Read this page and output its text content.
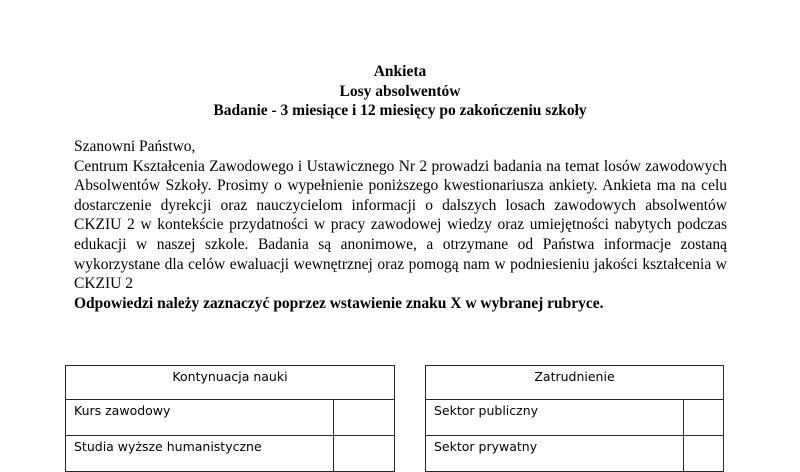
Ankieta
Losy absolwentów
Badanie - 3 miesiące i 12 miesięcy po zakończeniu szkoły

Szanowni Państwo,

Centrum Kształcenia Zawodowego i Ustawicznego Nr 2 prowadzi badania na temat losów zawodowych Absolwentów Szkoły. Prosimy o wypełnienie poniższego kwestionariusza ankiety. Ankieta ma na celu dostarczenie dyrekcji oraz nauczycielom informacji o dalszych losach zawodowych absolwentów CKZIU 2 w kontekście przydatności w pracy zawodowej wiedzy oraz umiejętności nabytych podczas edukacji w naszej szkole. Badania są anonimowe, a otrzymane od Państwa informacje zostaną wykorzystane dla celów ewaluacji wewnętrznej oraz pomogą nam w podniesieniu jakości kształcenia w CKZIU 2

Odpowiedzi należy zaznaczyć poprzez wstawienie znaku X w wybranej rubryce.

Kontynuacja nauki	
Kurs zawodowy	
Studia wyższe humanistyczne	
Zatrudnienie	
Sektor publiczny	
Sektor prywatny	
